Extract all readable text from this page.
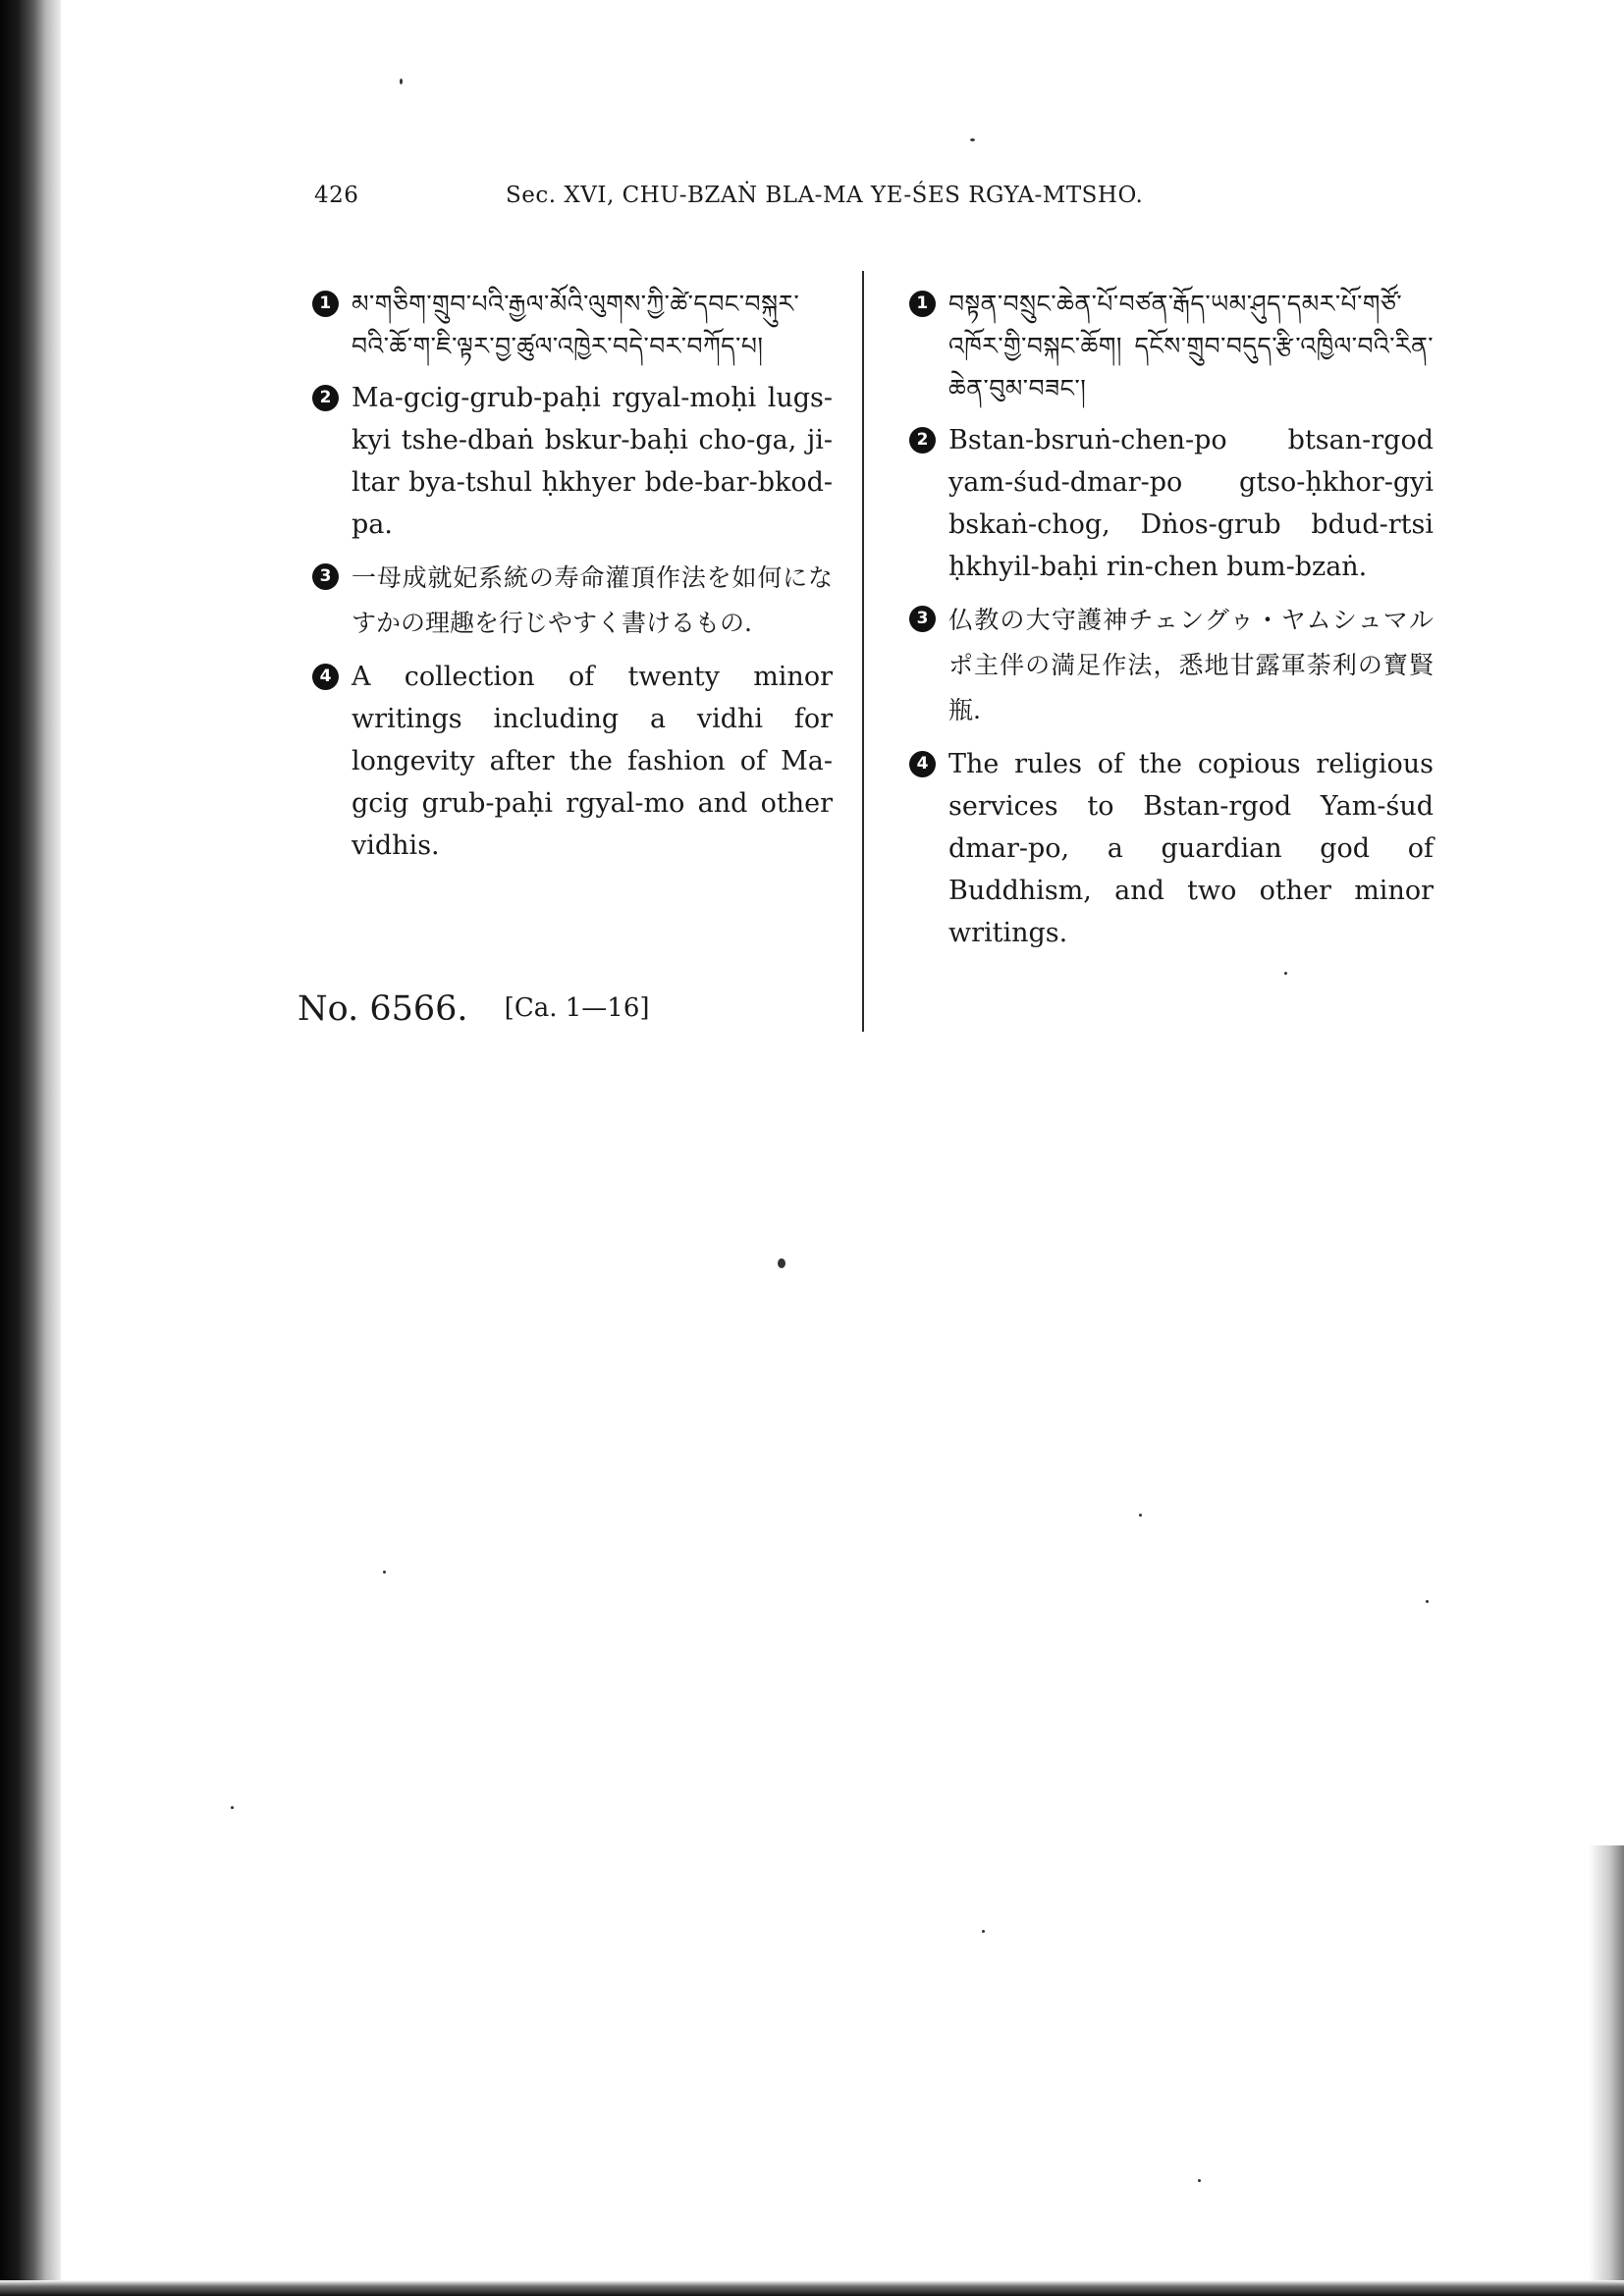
426	Sec. XVI, CHU-BZAṄ BLA-MA YE-ŚES RGYA-MTSHO.
1 མ་གཅིག་གྲུབ་པའི་རྒྱལ་མོའི་ལུགས་ཀྱི་ཚེ་དབང་བསྐུར་བའི་ཆོ་ག་ཇི་ལྟར་བྱ་ཚུལ་འཁྱེར་བདེ་བར་བཀོད་པ།
2 Ma-gcig-grub-paḥi rgyal-moḥi lugs-kyi tshe-dbaṅ bskur-baḥi cho-ga, ji-ltar bya-tshul ḥkhyer bde-bar-bkod-pa.
3 一母成就妃系統の寿命灌頂作法を如何になすかの理趣を行じやすく書けるもの.
4 A collection of twenty minor writings including a vidhi for longevity after the fashion of Ma-gcig grub-paḥi rgyal-mo and other vidhis.
1 བསྟན་བསྲུང་ཆེན་པོ་བཙན་རྒོད་ཡམ་ཤུད་དམར་པོ་གཙོ་འཁོར་གྱི་བསྐང་ཆོག། དངོས་གྲུབ་བདུད་རྩི་འཁྱིལ་བའི་རིན་ཆེན་བུམ་བཟང་།
2 Bstan-bsruṅ-chen-po btsan-rgod yam-śud-dmar-po gtso-ḥkhor-gyi bskaṅ-chog, Dṅos-grub bdud-rtsi ḥkhyil-baḥi rin-chen bum-bzaṅ.
3 仏教の大守護神チェングゥ・ヤムシュマルポ主伴の満足作法，悉地甘露軍荼利の寶賢瓶.
4 The rules of the copious religious services to Bstan-rgod Yam-śud dmar-po, a guardian god of Buddhism, and two other minor writings.
No. 6566. [Ca. 1—16]
